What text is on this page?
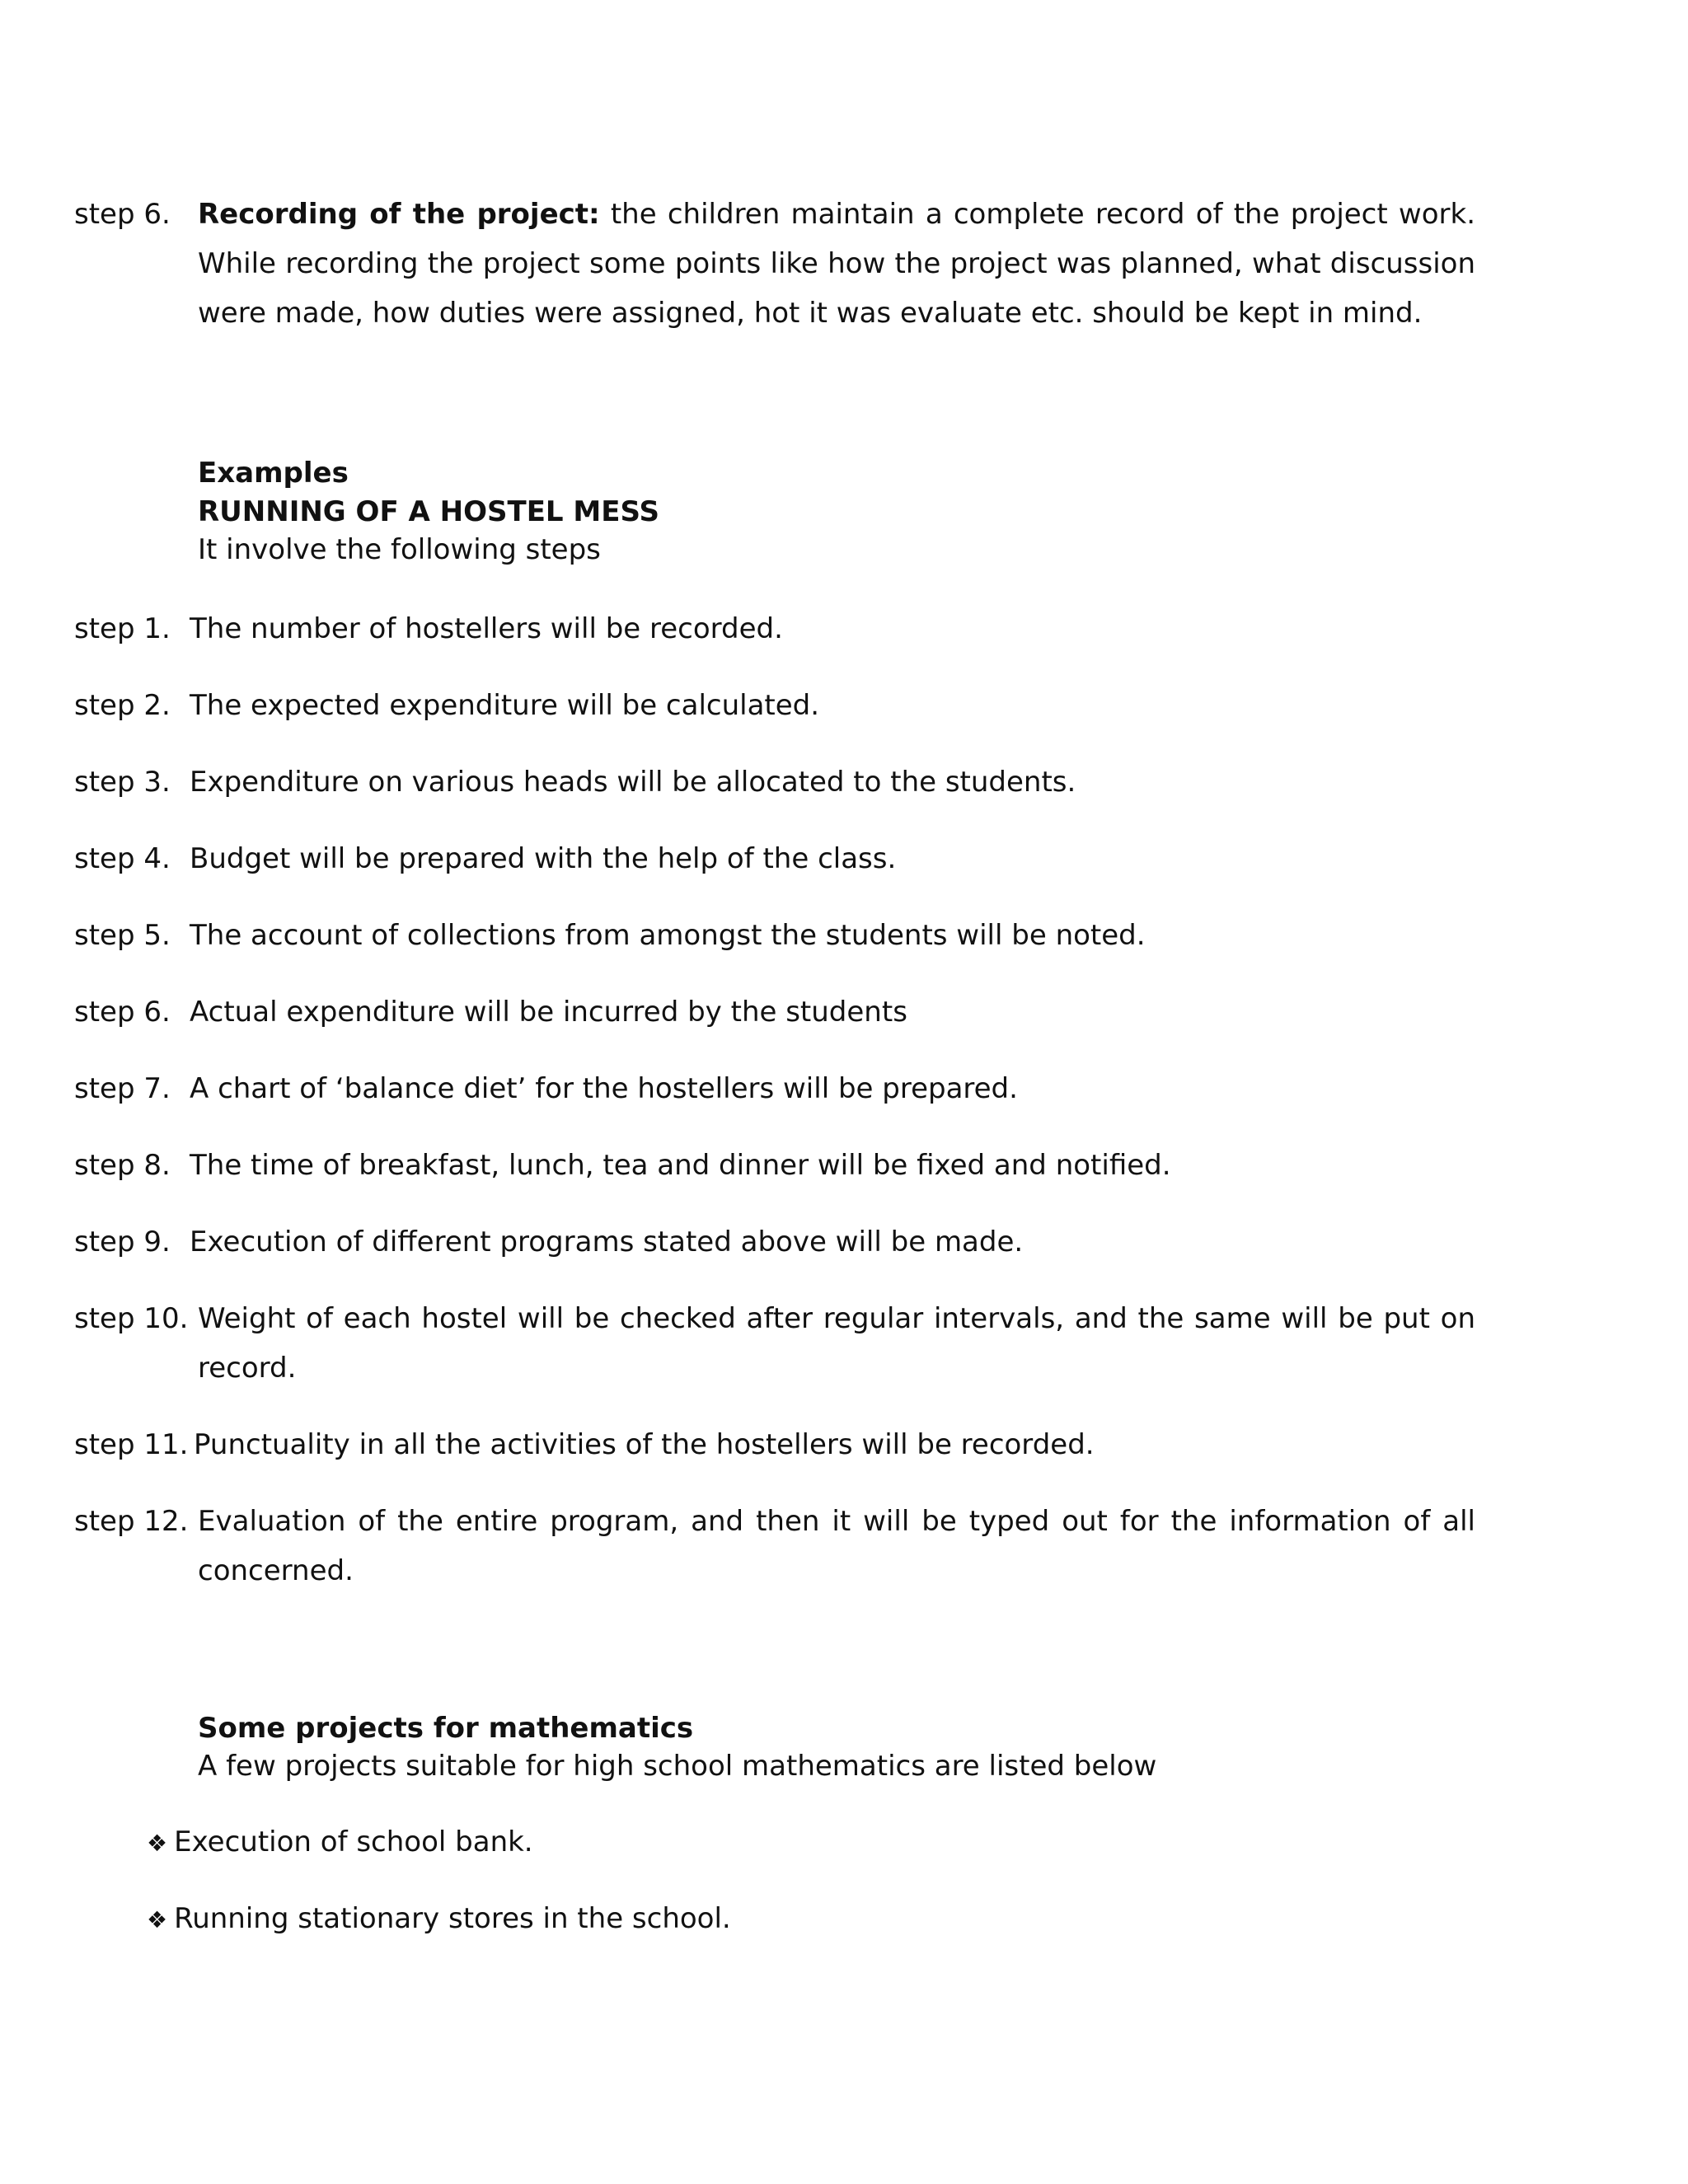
step 6. Recording of the project: the children maintain a complete record of the project work. While recording the project some points like how the project was planned, what discussion were made, how duties were assigned, hot it was evaluate etc. should be kept in mind.
Examples
RUNNING OF A HOSTEL MESS
It involve the following steps
step 1. The number of hostellers will be recorded.
step 2. The expected expenditure will be calculated.
step 3. Expenditure on various heads will be allocated to the students.
step 4. Budget will be prepared with the help of the class.
step 5. The account of collections from amongst the students will be noted.
step 6. Actual expenditure will be incurred by the students
step 7. A chart of ‘balance diet’ for the hostellers will be prepared.
step 8. The time of breakfast, lunch, tea and dinner will be fixed and notified.
step 9. Execution of different programs stated above will be made.
step 10. Weight of each hostel will be checked after regular intervals, and the same will be put on record.
step 11. Punctuality in all the activities of the hostellers will be recorded.
step 12. Evaluation of the entire program, and then it will be typed out for the information of all concerned.
Some projects for mathematics
A few projects suitable for high school mathematics are listed below
❖ Execution of school bank.
❖ Running stationary stores in the school.
